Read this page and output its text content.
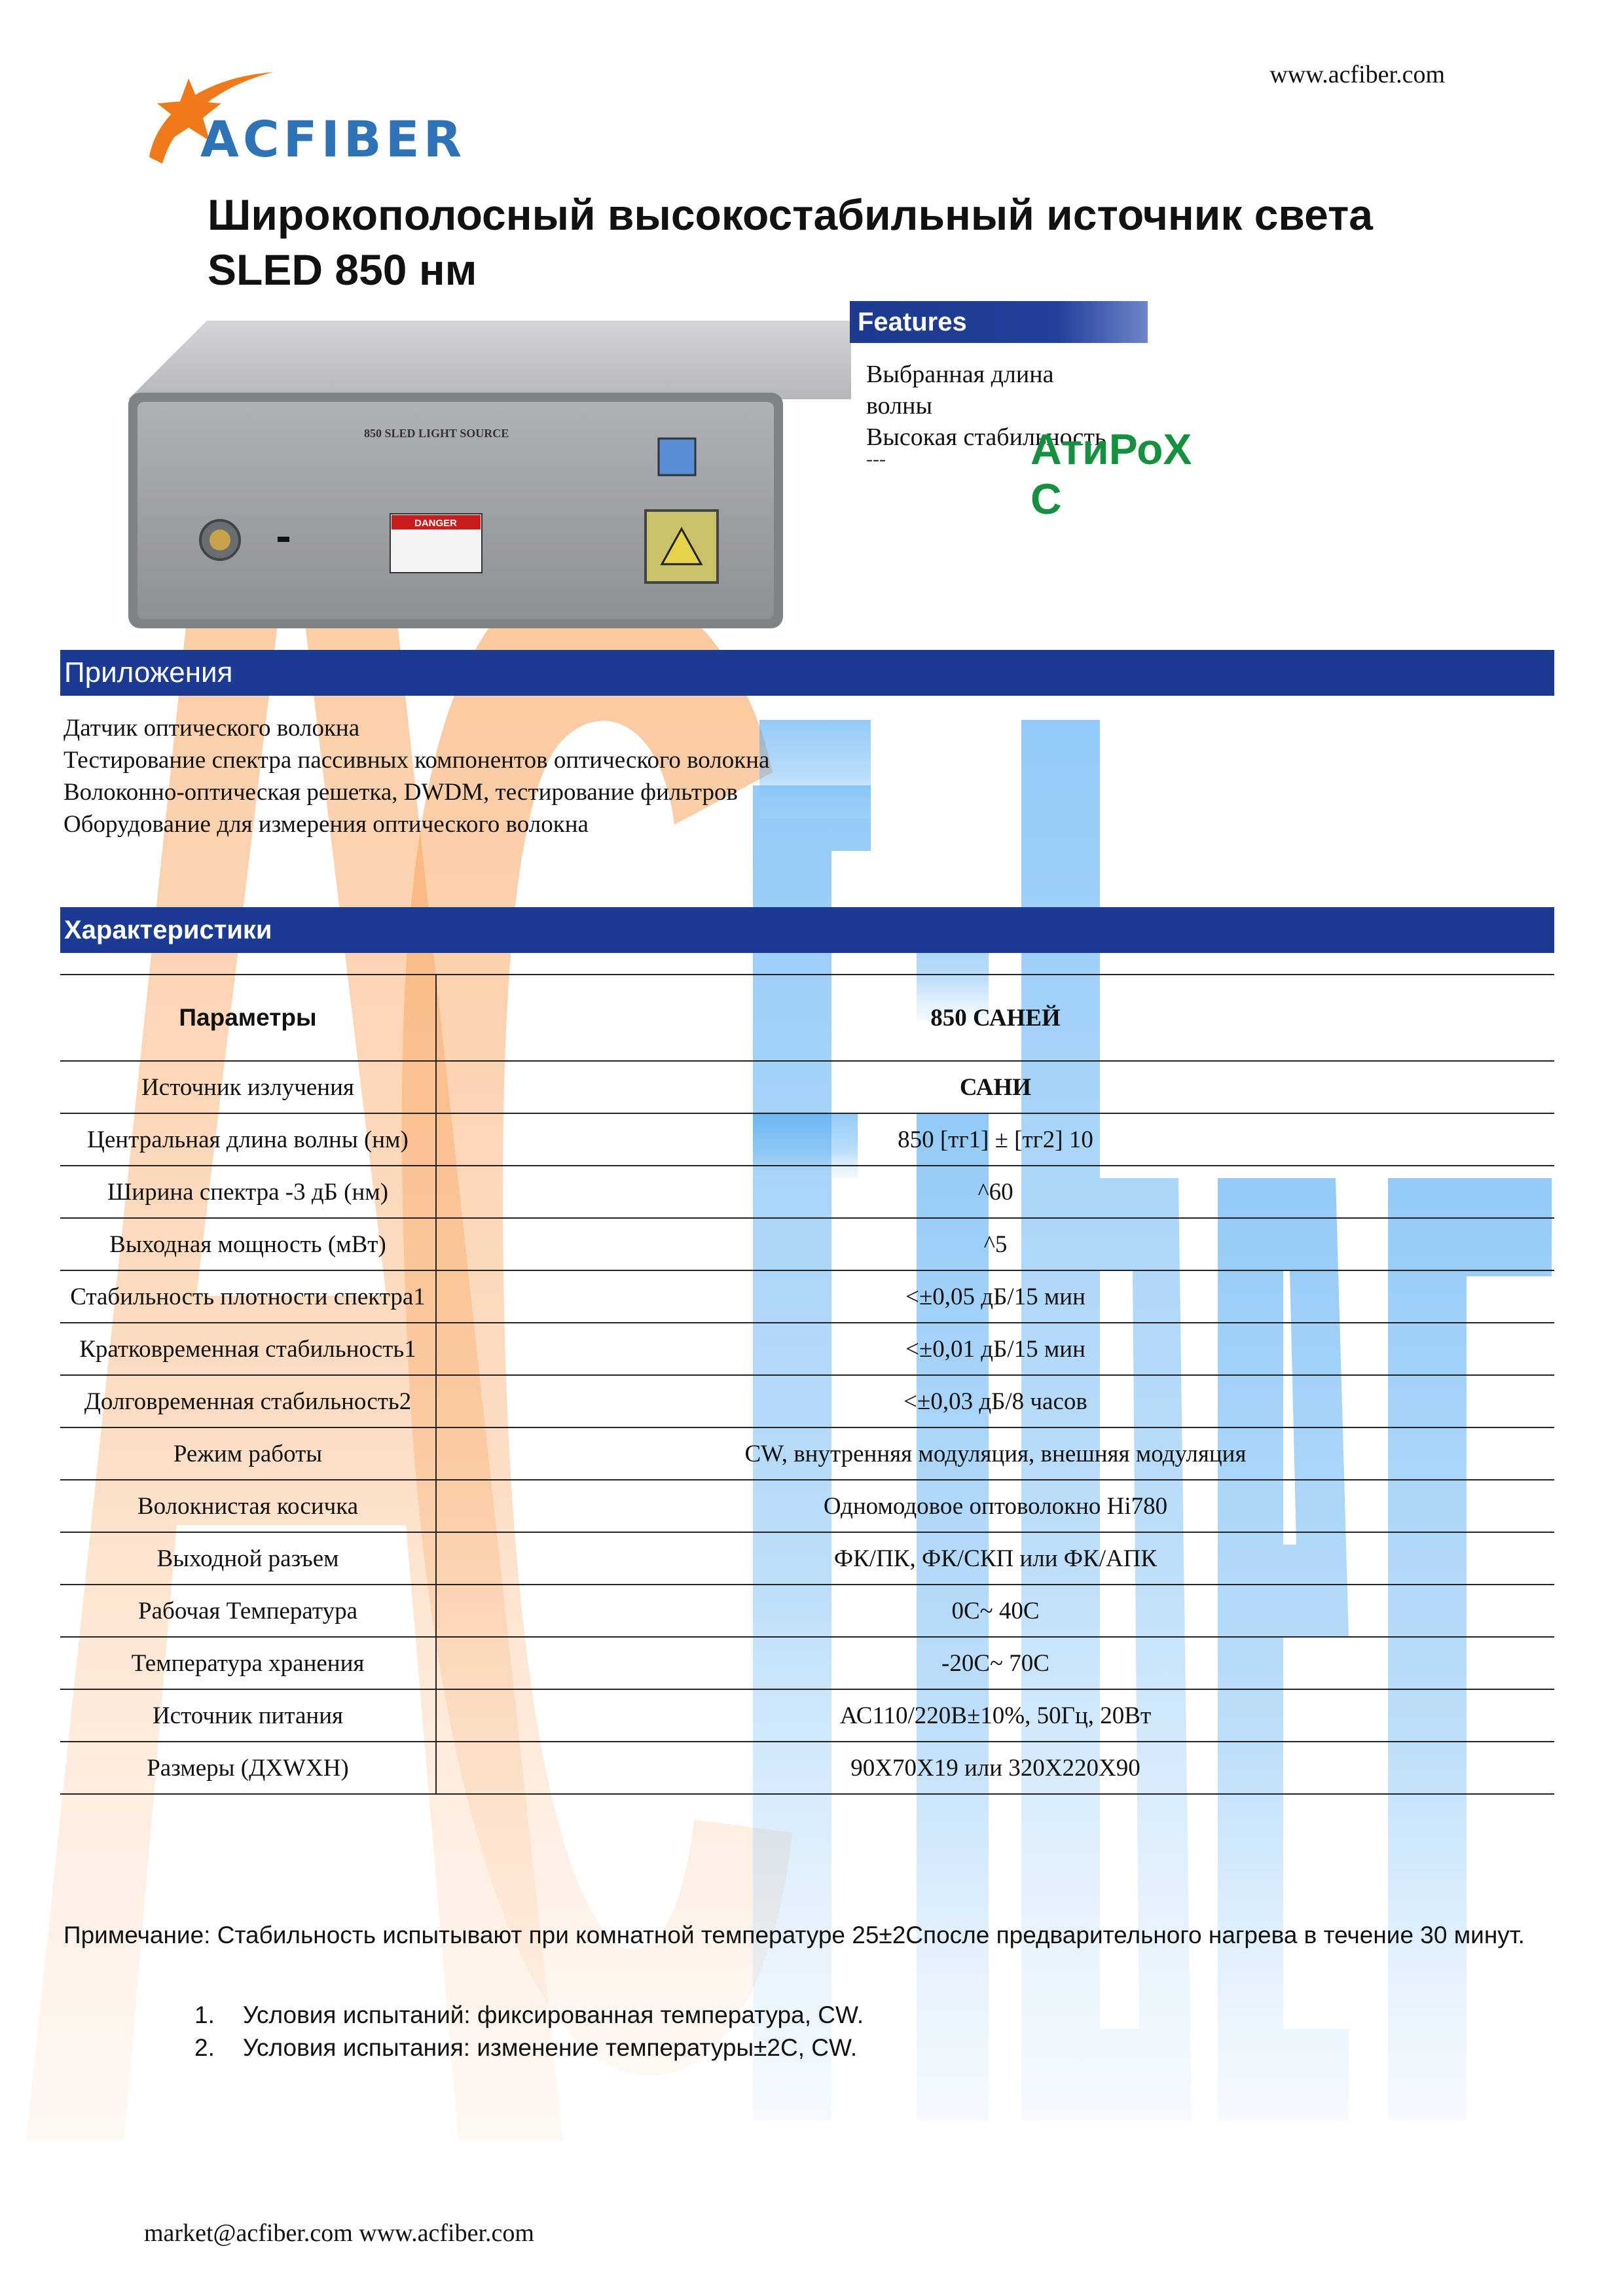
www.acfiber.com
ACFIBER
Широкополосный высокостабильный источник света
SLED 850 нм
850 SLED LIGHT SOURCE
DANGER
Features
Выбранная длина
волны
Высокая стабильность
---	АтиРоХ С
Приложения
Датчик оптического волокна
Тестирование спектра пассивных компонентов оптического волокна
Волоконно-оптическая решетка, DWDM, тестирование фильтров
Оборудование для измерения оптического волокна
Характеристики
Параметры	850 САНЕЙ
Источник излучения	САНИ
Центральная длина волны (нм)	850 [тг1] ± [тг2] 10
Ширина спектра -3 дБ (нм)	^60
Выходная мощность (мВт)	^5
Стабильность плотности спектра1	<±0,05 дБ/15 мин
Кратковременная стабильность1	<±0,01 дБ/15 мин
Долговременная стабильность2	<±0,03 дБ/8 часов
Режим работы	CW, внутренняя модуляция, внешняя модуляция
Волокнистая косичка	Одномодовое оптоволокно Hi780
Выходной разъем	ФК/ПК, ФК/СКП или ФК/АПК
Рабочая Температура	0С~ 40С
Температура хранения	-20С~ 70С
Источник питания	АС110/220В±10%, 50Гц, 20Вт
Размеры (ДХWХН)	90Х70Х19 или 320Х220Х90
Примечание: Стабильность испытывают при комнатной температуре 25±2Спосле предварительного нагрева в течение 30 минут.
1. Условия испытаний: фиксированная температура, CW.
2. Условия испытания: изменение температуры±2С, CW.
market@acfiber.com www.acfiber.com
